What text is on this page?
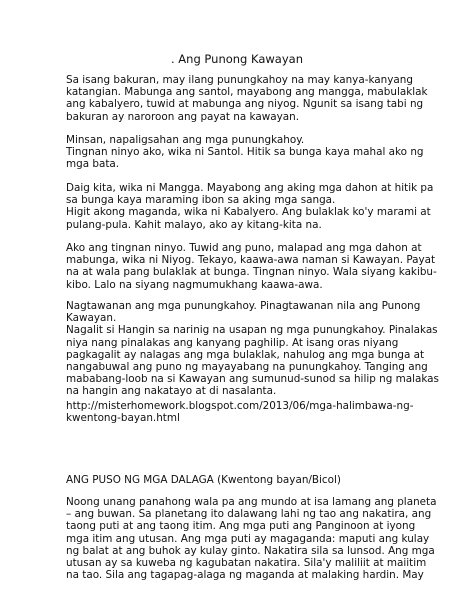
. Ang Punong Kawayan
Sa isang bakuran, may ilang punungkahoy na may kanya-kanyang
katangian. Mabunga ang santol, mayabong ang mangga, mabulaklak
ang kabalyero, tuwid at mabunga ang niyog. Ngunit sa isang tabi ng
bakuran ay naroroon ang payat na kawayan.
Minsan, napaligsahan ang mga punungkahoy.
Tingnan ninyo ako, wika ni Santol. Hitik sa bunga kaya mahal ako ng
mga bata.
Daig kita, wika ni Mangga. Mayabong ang aking mga dahon at hitik pa
sa bunga kaya maraming ibon sa aking mga sanga.
Higit akong maganda, wika ni Kabalyero. Ang bulaklak ko'y marami at
pulang-pula. Kahit malayo, ako ay kitang-kita na.
Ako ang tingnan ninyo. Tuwid ang puno, malapad ang mga dahon at
mabunga, wika ni Niyog. Tekayo, kaawa-awa naman si Kawayan. Payat
na at wala pang bulaklak at bunga. Tingnan ninyo. Wala siyang kakibu-
kibo. Lalo na siyang nagmumukhang kaawa-awa.
Nagtawanan ang mga punungkahoy. Pinagtawanan nila ang Punong
Kawayan.
Nagalit si Hangin sa narinig na usapan ng mga punungkahoy. Pinalakas
niya nang pinalakas ang kanyang paghilip. At isang oras niyang
pagkagalit ay nalagas ang mga bulaklak, nahulog ang mga bunga at
nangabuwal ang puno ng mayayabang na punungkahoy. Tanging ang
mababang-loob na si Kawayan ang sumunud-sunod sa hilip ng malakas
na hangin ang nakatayo at di nasalanta.
http://misterhomework.blogspot.com/2013/06/mga-halimbawa-ng-
kwentong-bayan.html
ANG PUSO NG MGA DALAGA (Kwentong bayan/Bicol)
Noong unang panahong wala pa ang mundo at isa lamang ang planeta
– ang buwan. Sa planetang ito dalawang lahi ng tao ang nakatira, ang
taong puti at ang taong itim. Ang mga puti ang Panginoon at iyong
mga itim ang utusan. Ang mga puti ay magaganda: maputi ang kulay
ng balat at ang buhok ay kulay ginto. Nakatira sila sa lunsod. Ang mga
utusan ay sa kuweba ng kagubatan nakatira. Sila'y maliliit at maiitim
na tao. Sila ang tagapag-alaga ng maganda at malaking hardin. May
